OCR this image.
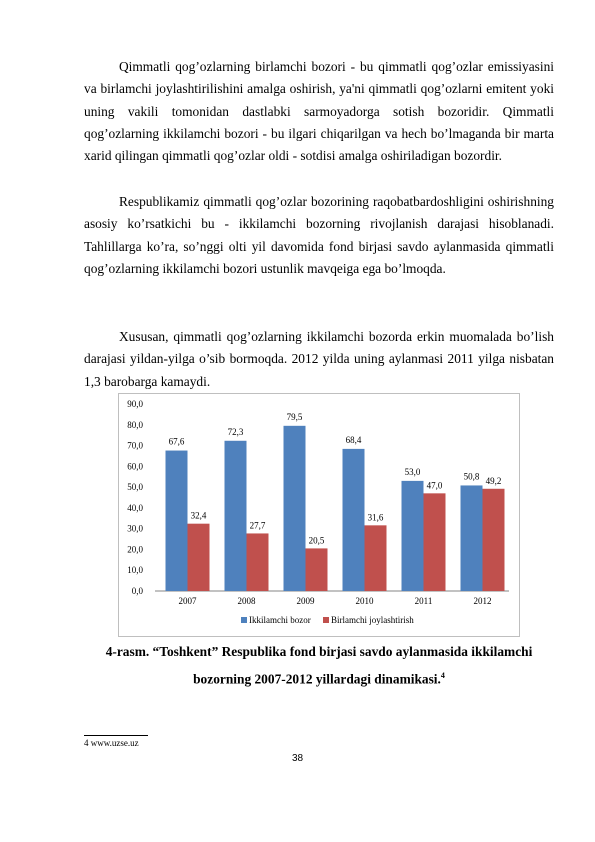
Qimmatli qog’ozlarning birlamchi bozori - bu qimmatli qog’ozlar emissiyasini va birlamchi joylashtirilishini amalga oshirish, ya'ni qimmatli qog’ozlarni emitent yoki uning vakili tomonidan dastlabki sarmoyadorga sotish bozoridir. Qimmatli qog’ozlarning ikkilamchi bozori - bu ilgari chiqarilgan va hech bo’lmaganda bir marta xarid qilingan qimmatli qog’ozlar oldi - sotdisi amalga oshiriladigan bozordir.

Respublikamiz qimmatli qog’ozlar bozorining raqobatbardoshligini oshirishning asosiy ko’rsatkichi bu - ikkilamchi bozorning rivojlanish darajasi hisoblanadi. Tahlillarga ko’ra, so’nggi olti yil davomida fond birjasi savdo aylanmasida qimmatli qog’ozlarning ikkilamchi bozori ustunlik mavqeiga ega bo’lmoqda.

Xususan, qimmatli qog’ozlarning ikkilamchi bozorda erkin muomalada bo’lish darajasi yildan-yilga o’sib bormoqda. 2012 yilda uning aylanmasi 2011 yilga nisbatan 1,3 barobarga kamaydi.

0,0
10,0
20,0
30,0
40,0
50,0
60,0
70,0
80,0
90,0
67,6
32,4
2007
72,3
27,7
2008
79,5
20,5
2009
68,4
31,6
2010
53,0
47,0
2011
50,8 49,2
2012
Ikkilamchi bozor Birlamchi joylashtirish

4-rasm. “Toshkent” Respublika fond birjasi savdo aylanmasida ikkilamchi

bozorning 2007-2012 yillardagi dinamikasi.$^4$

4 www.uzse.uz
38
